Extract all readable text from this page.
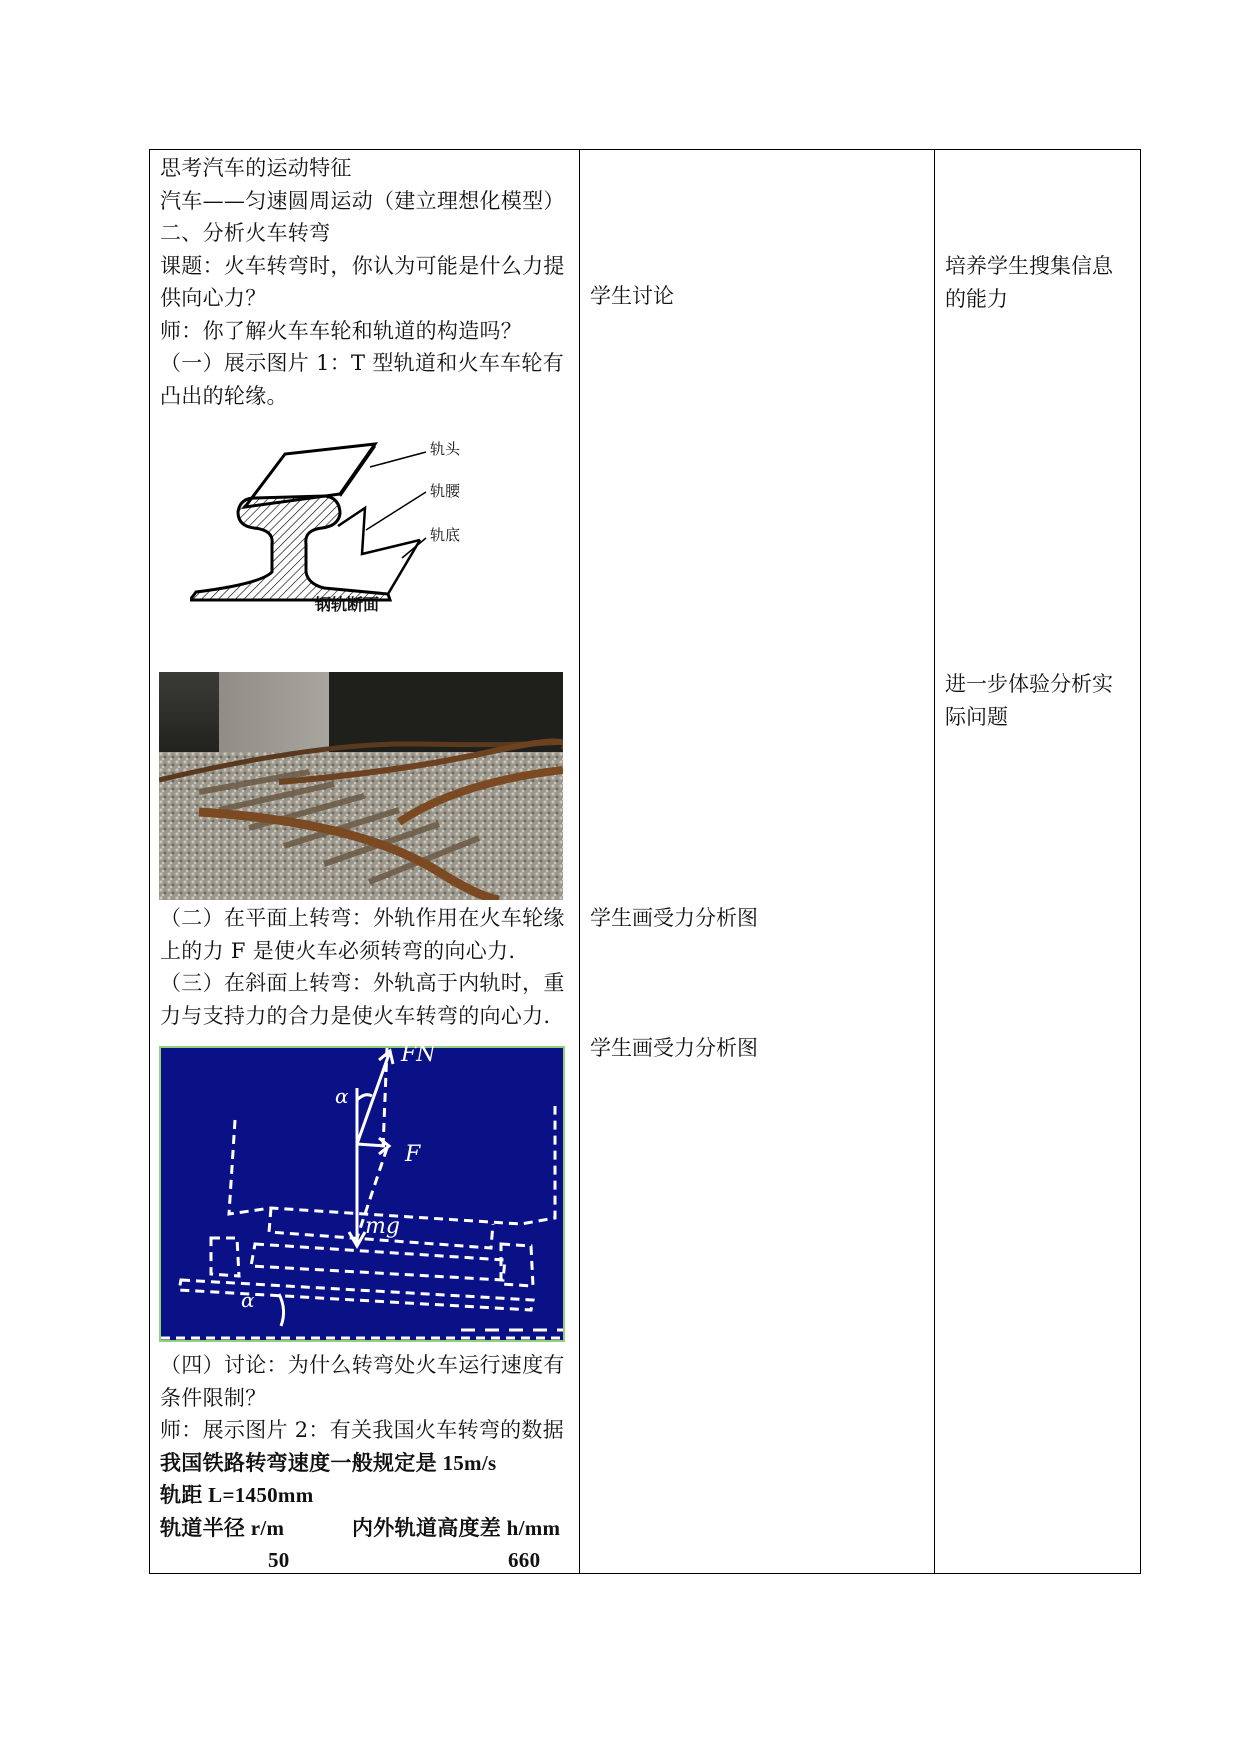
思考汽车的运动特征
汽车——匀速圆周运动（建立理想化模型）
二、分析火车转弯
课题：火车转弯时，你认为可能是什么力提
供向心力？
师：你了解火车车轮和轨道的构造吗？
（一）展示图片 1：T 型轨道和火车车轮有
凸出的轮缘。
轨头
轨腰
轨底
钢轨断面
（二）在平面上转弯：外轨作用在火车轮缘
上的力 F 是使火车必须转弯的向心力.
（三）在斜面上转弯：外轨高于内轨时，重
力与支持力的合力是使火车转弯的向心力.
FN
F
mg
α
α
（四）讨论：为什么转弯处火车运行速度有
条件限制？
师：展示图片 2：有关我国火车转弯的数据
我国铁路转弯速度一般规定是 15m/s
轨距 L=1450mm
轨道半径 r/m	内外轨道高度差 h/mm
50	660
学生讨论
学生画受力分析图
学生画受力分析图
培养学生搜集信息
的能力
进一步体验分析实
际问题
